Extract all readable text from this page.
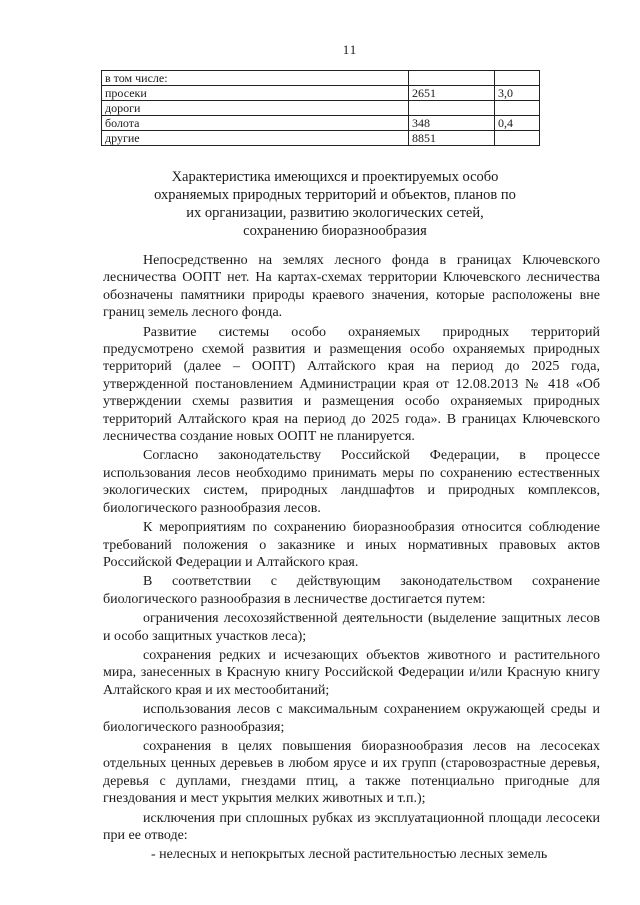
11
в том числе:		
просеки	2651	3,0
дороги		
болота	348	0,4
другие	8851	
Характеристика имеющихся и проектируемых особо
охраняемых природных территорий и объектов, планов по
их организации, развитию экологических сетей,
сохранению биоразнообразия

Непосредственно на землях лесного фонда в границах Ключевского лесничества ООПТ нет. На картах-схемах территории Ключевского лесничества обозначены памятники природы краевого значения, которые расположены вне границ земель лесного фонда.

Развитие системы особо охраняемых природных территорий предусмотрено схемой развития и размещения особо охраняемых природных территорий (далее – ООПТ) Алтайского края на период до 2025 года, утвержденной постановлением Администрации края от 12.08.2013 № 418 «Об утверждении схемы развития и размещения особо охраняемых природных территорий Алтайского края на период до 2025 года». В границах Ключевского лесничества создание новых ООПТ не планируется.

Согласно законодательству Российской Федерации, в процессе использования лесов необходимо принимать меры по сохранению естественных экологических систем, природных ландшафтов и природных комплексов, биологического разнообразия лесов.

К мероприятиям по сохранению биоразнообразия относится соблюдение требований положения о заказнике и иных нормативных правовых актов Российской Федерации и Алтайского края.

В соответствии с действующим законодательством сохранение биологического разнообразия в лесничестве достигается путем:

ограничения лесохозяйственной деятельности (выделение защитных лесов и особо защитных участков леса);

сохранения редких и исчезающих объектов животного и растительного мира, занесенных в Красную книгу Российской Федерации и/или Красную книгу Алтайского края и их местообитаний;

использования лесов с максимальным сохранением окружающей среды и биологического разнообразия;

сохранения в целях повышения биоразнообразия лесов на лесосеках отдельных ценных деревьев в любом ярусе и их групп (старовозрастные деревья, деревья с дуплами, гнездами птиц, а также потенциально пригодные для гнездования и мест укрытия мелких животных и т.п.);

исключения при сплошных рубках из эксплуатационной площади лесосеки при ее отводе:

- нелесных и непокрытых лесной растительностью лесных земель
